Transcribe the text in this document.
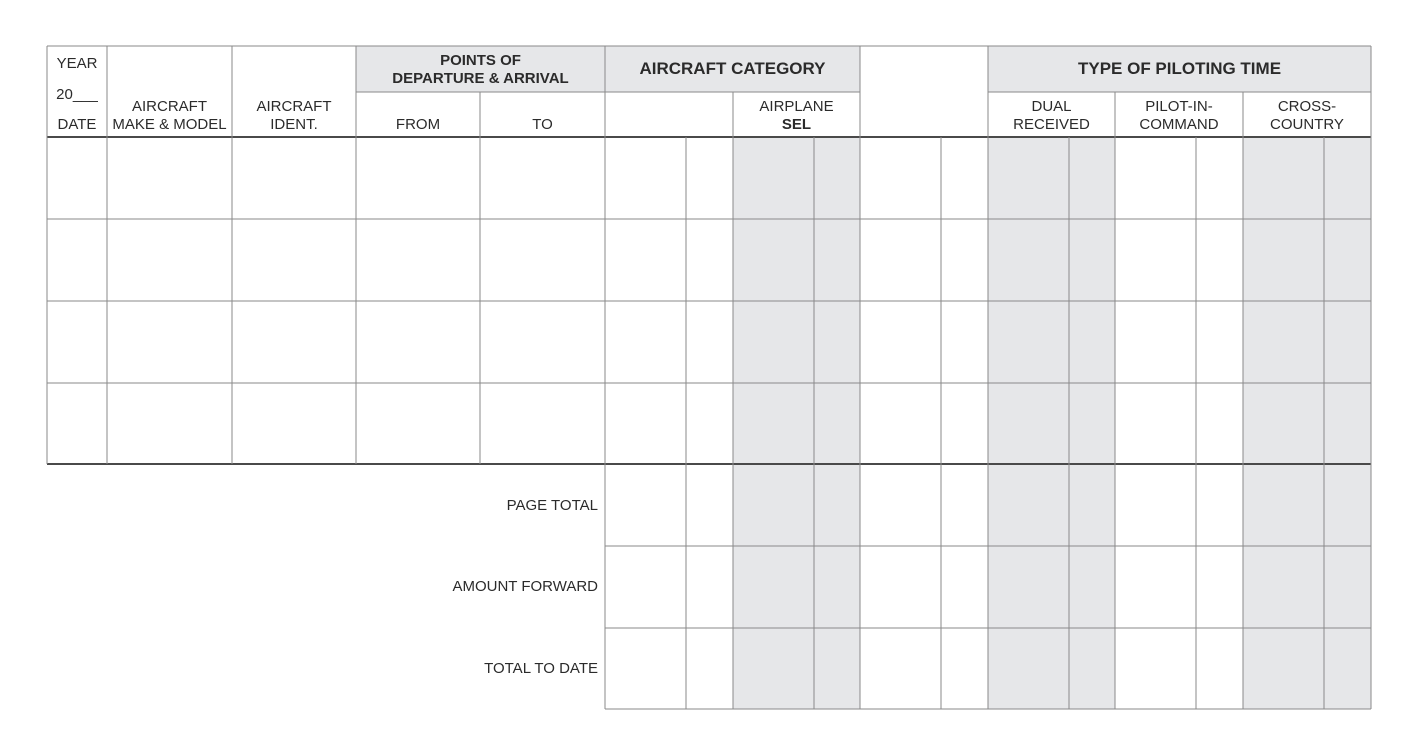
YEAR
20___
DATE
AIRCRAFT
MAKE & MODEL
AIRCRAFT
IDENT.
POINTS OF
DEPARTURE & ARRIVAL
FROM	TO
AIRCRAFT CATEGORY
AIRPLANE
SEL
TYPE OF PILOTING TIME
DUAL
RECEIVED
PILOT-IN-
COMMAND
CROSS-
COUNTRY
PAGE TOTAL
AMOUNT FORWARD
TOTAL TO DATE
